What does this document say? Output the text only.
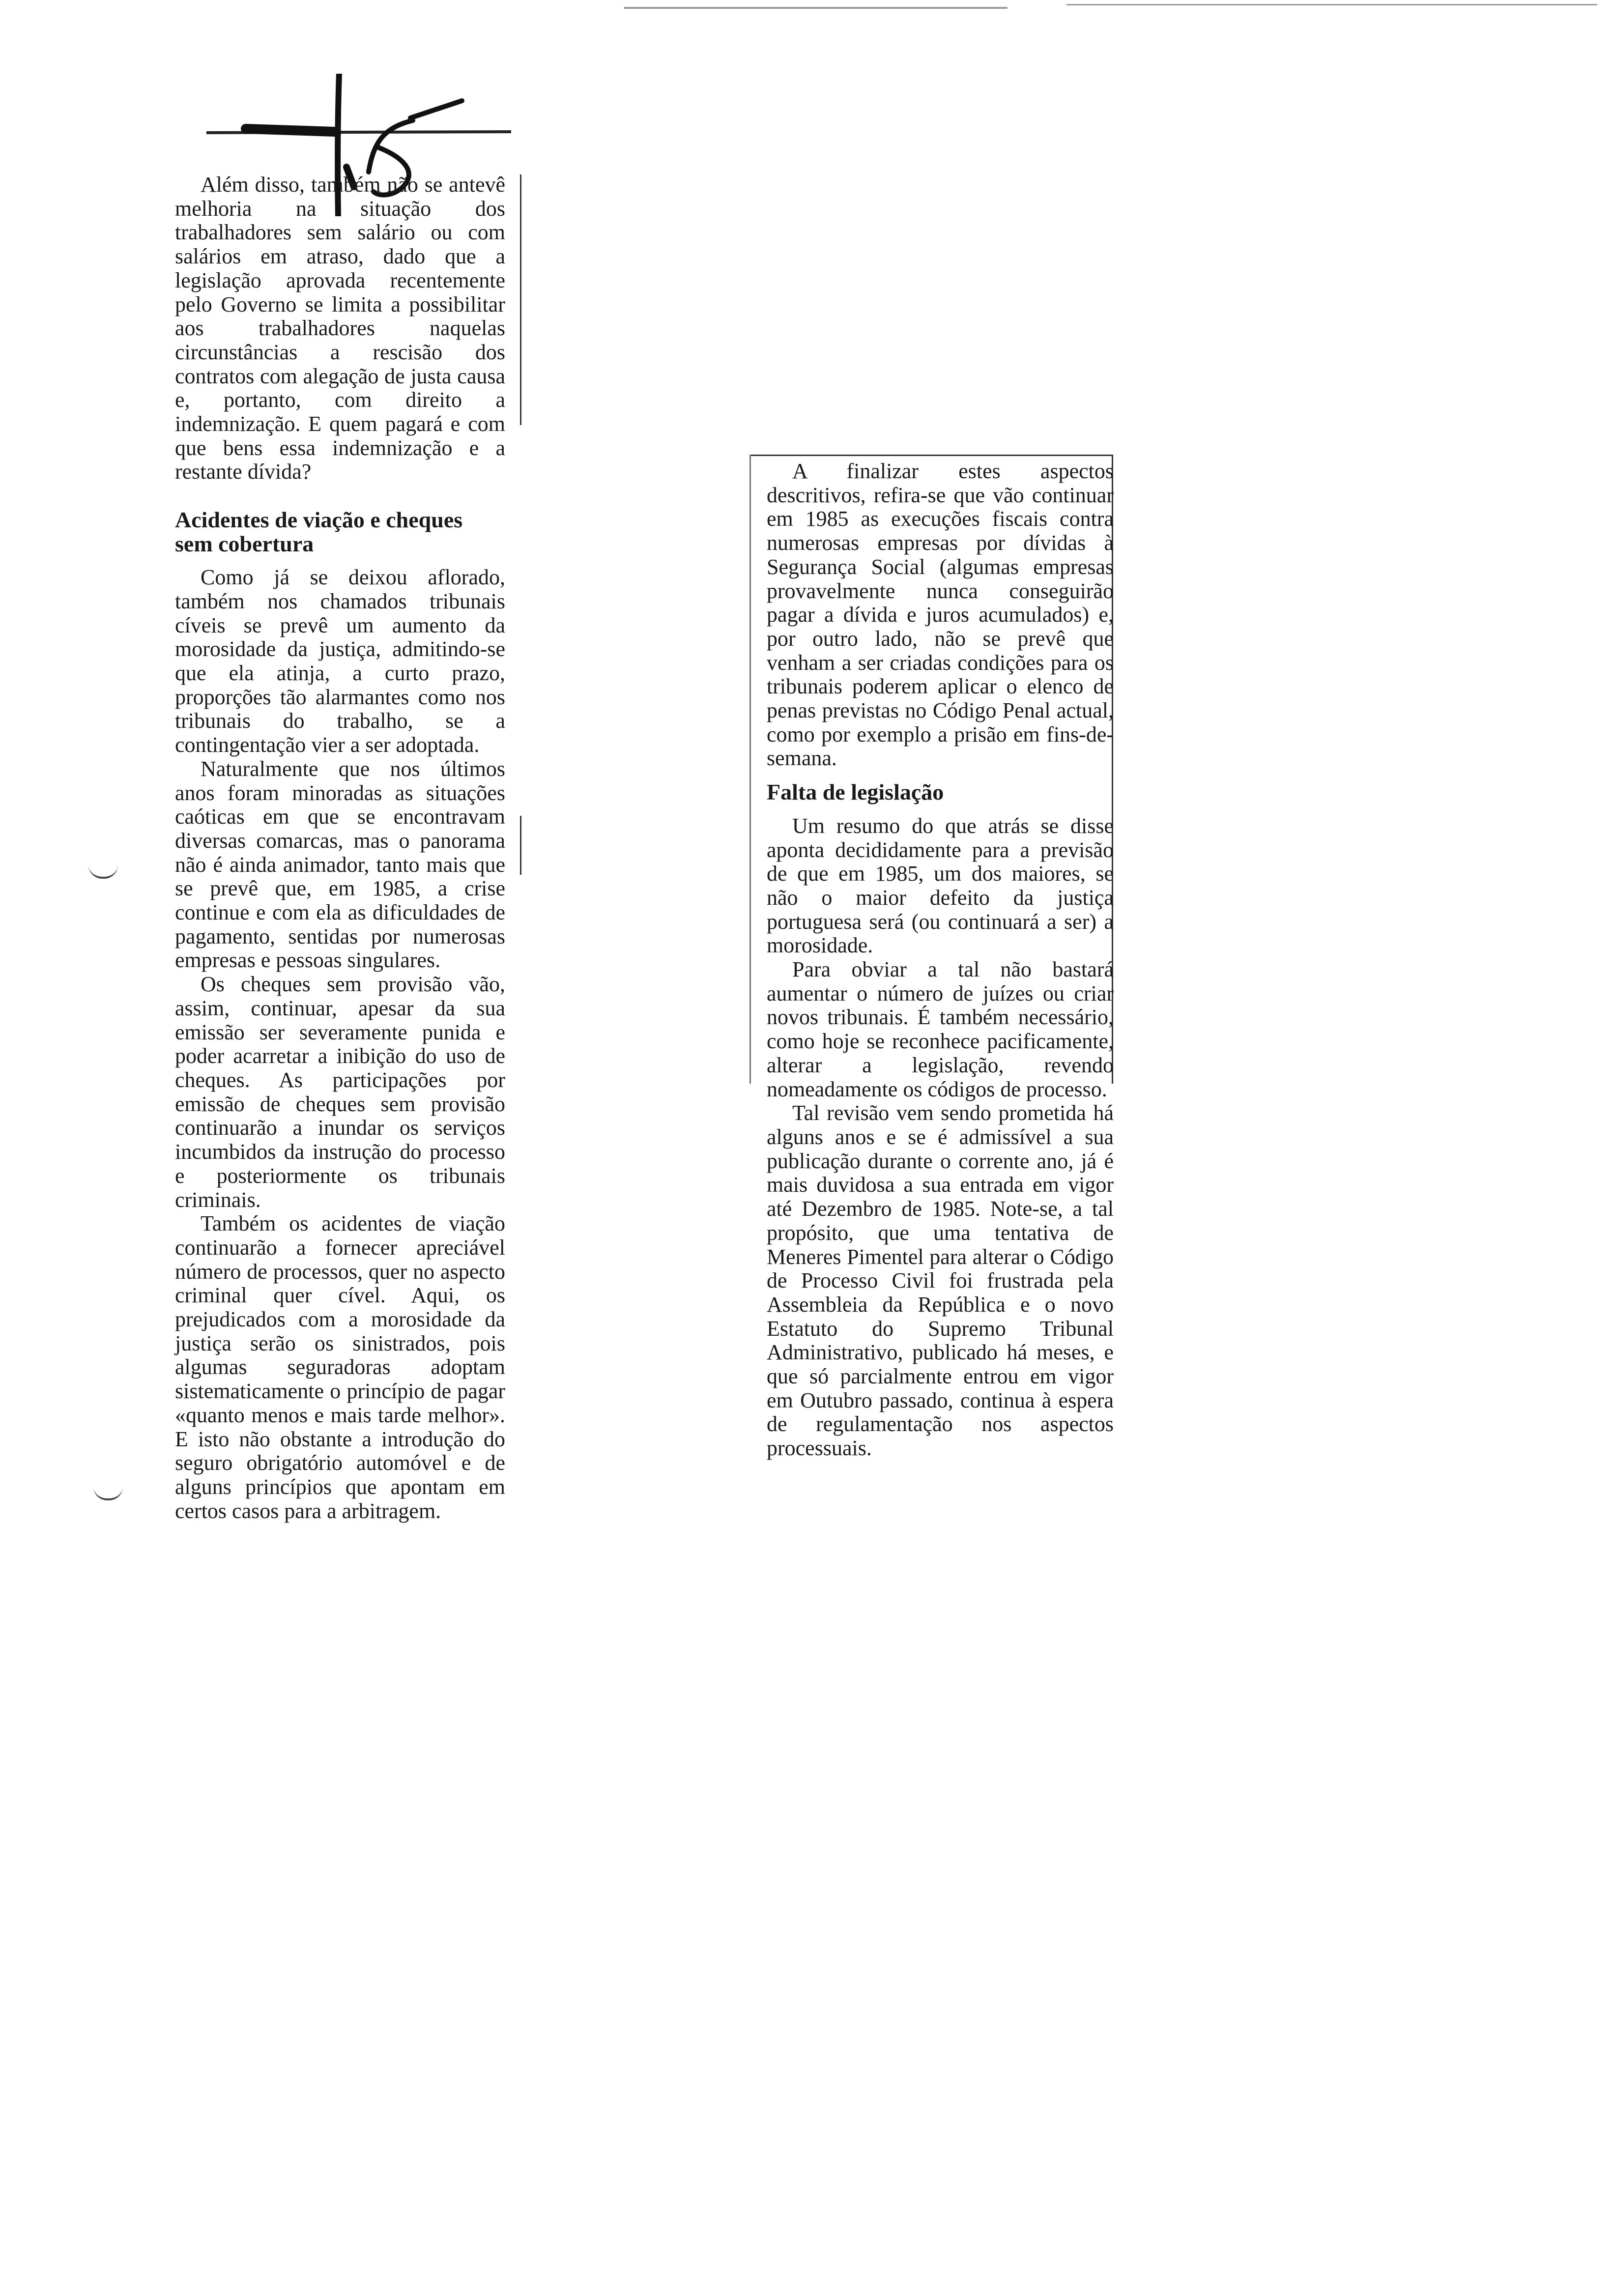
Além disso, também não se antevê melhoria na situação dos trabalhadores sem salário ou com salários em atraso, dado que a legislação aprovada recentemente pelo Governo se limita a possibilitar aos trabalhadores naquelas circunstâncias a rescisão dos contratos com alegação de justa causa e, portanto, com direito a indemnização. E quem pagará e com que bens essa indemnização e a restante dívida?

Acidentes de viação e cheques sem cobertura

Como já se deixou aflorado, também nos chamados tribunais cíveis se prevê um aumento da morosidade da justiça, admitindo-se que ela atinja, a curto prazo, proporções tão alarmantes como nos tribunais do trabalho, se a contingentação vier a ser adoptada.

Naturalmente que nos últimos anos foram minoradas as situações caóticas em que se encontravam diversas comarcas, mas o panorama não é ainda animador, tanto mais que se prevê que, em 1985, a crise continue e com ela as dificuldades de pagamento, sentidas por numerosas empresas e pessoas singulares.

Os cheques sem provisão vão, assim, continuar, apesar da sua emissão ser severamente punida e poder acarretar a inibição do uso de cheques. As participações por emissão de cheques sem provisão continuarão a inundar os serviços incumbidos da instrução do processo e posteriormente os tribunais criminais.

Também os acidentes de viação continuarão a fornecer apreciável número de processos, quer no aspecto criminal quer cível. Aqui, os prejudicados com a morosidade da justiça serão os sinistrados, pois algumas seguradoras adoptam sistematicamente o princípio de pagar «quanto menos e mais tarde melhor». E isto não obstante a introdução do seguro obrigatório automóvel e de alguns princípios que apontam em certos casos para a arbitragem.

A finalizar estes aspectos descritivos, refira-se que vão continuar em 1985 as execuções fiscais contra numerosas empresas por dívidas à Segurança Social (algumas empresas provavelmente nunca conseguirão pagar a dívida e juros acumulados) e, por outro lado, não se prevê que venham a ser criadas condições para os tribunais poderem aplicar o elenco de penas previstas no Código Penal actual, como por exemplo a prisão em fins-de-semana.

Falta de legislação

Um resumo do que atrás se disse aponta decididamente para a previsão de que em 1985, um dos maiores, se não o maior defeito da justiça portuguesa será (ou continuará a ser) a morosidade.

Para obviar a tal não bastará aumentar o número de juízes ou criar novos tribunais. É também necessário, como hoje se reconhece pacificamente, alterar a legislação, revendo nomeadamente os códigos de processo.

Tal revisão vem sendo prometida há alguns anos e se é admissível a sua publicação durante o corrente ano, já é mais duvidosa a sua entrada em vigor até Dezembro de 1985. Note-se, a tal propósito, que uma tentativa de Meneres Pimentel para alterar o Código de Processo Civil foi frustrada pela Assembleia da República e o novo Estatuto do Supremo Tribunal Administrativo, publicado há meses, e que só parcialmente entrou em vigor em Outubro passado, continua à espera de regulamentação nos aspectos processuais.
